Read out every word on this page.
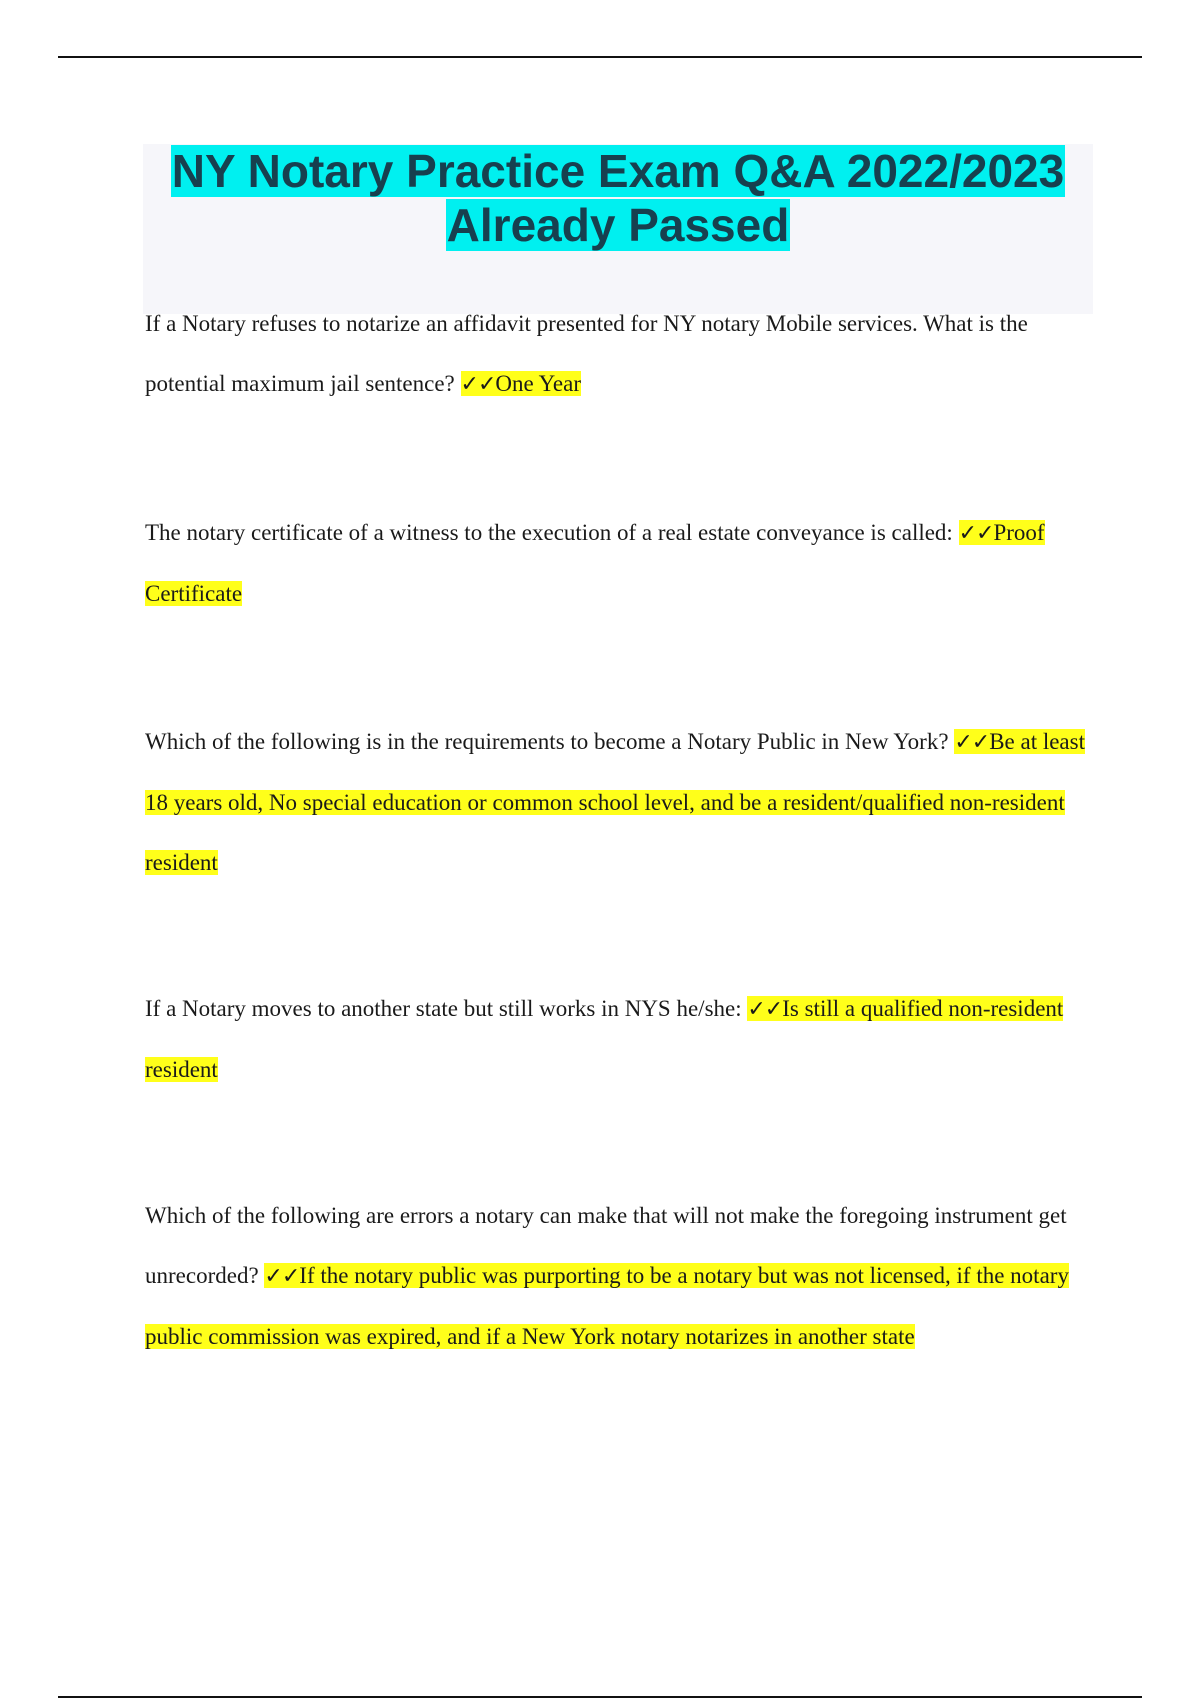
NY Notary Practice Exam Q&A 2022/2023
Already Passed

If a Notary refuses to notarize an affidavit presented for NY notary Mobile services. What is the potential maximum jail sentence? ✓✓One Year

The notary certificate of a witness to the execution of a real estate conveyance is called: ✓✓Proof Certificate

Which of the following is in the requirements to become a Notary Public in New York? ✓✓Be at least 18 years old, No special education or common school level, and be a resident/qualified non-resident resident

If a Notary moves to another state but still works in NYS he/she: ✓✓Is still a qualified non-resident resident

Which of the following are errors a notary can make that will not make the foregoing instrument get unrecorded? ✓✓If the notary public was purporting to be a notary but was not licensed, if the notary public commission was expired, and if a New York notary notarizes in another state
